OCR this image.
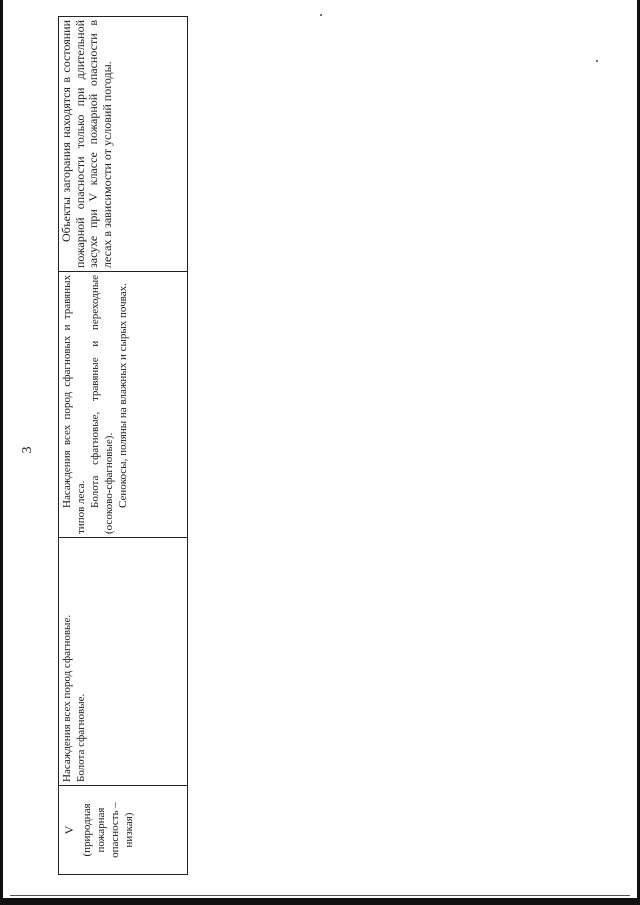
3
V (природная пожарная опасность – низкая)

Насаждения всех пород сфагновые. Болота сфагновые.

Насаждения всех пород сфагновых и травяных типов леса. Болота сфагновые, травяные и переходные (осоково-сфагновые). Сенокосы, поляны на влажных и сырых почвах.

Объекты загорания находятся в состоянии пожарной опасности только при длительной засухе при V классе пожарной опасности в лесах в зависимости от условий погоды.
